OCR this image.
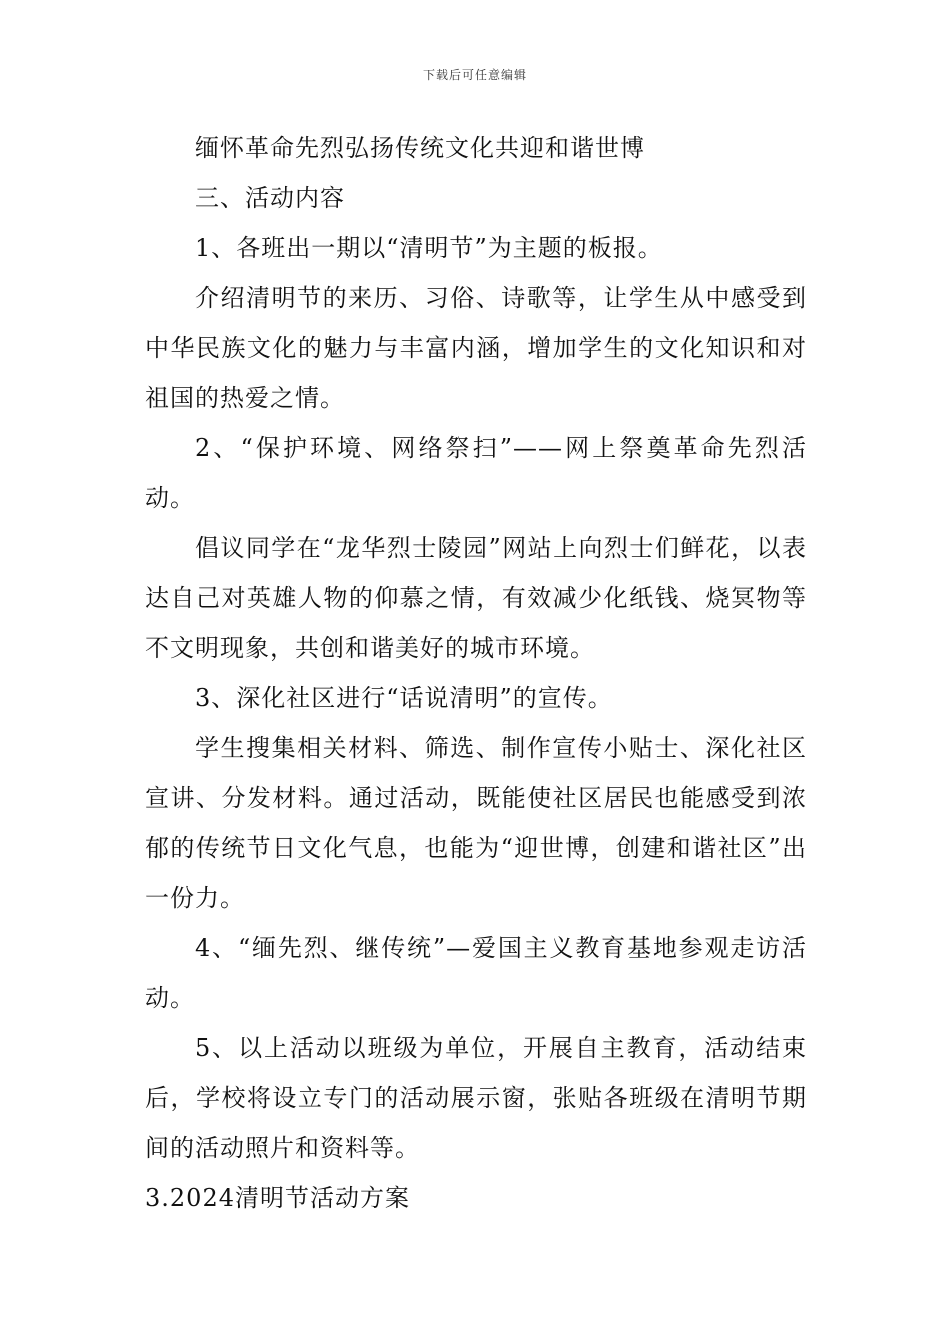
下载后可任意编辑

缅怀革命先烈弘扬传统文化共迎和谐世博

三、活动内容

1、各班出一期以“清明节”为主题的板报。

介绍清明节的来历、习俗、诗歌等，让学生从中感受到中华民族文化的魅力与丰富内涵，增加学生的文化知识和对祖国的热爱之情。

2、“保护环境、网络祭扫”——网上祭奠革命先烈活动。

倡议同学在“龙华烈士陵园”网站上向烈士们鲜花，以表达自己对英雄人物的仰慕之情，有效减少化纸钱、烧冥物等不文明现象，共创和谐美好的城市环境。

3、深化社区进行“话说清明”的宣传。

学生搜集相关材料、筛选、制作宣传小贴士、深化社区宣讲、分发材料。通过活动，既能使社区居民也能感受到浓郁的传统节日文化气息，也能为“迎世博，创建和谐社区”出一份力。

4、“缅先烈、继传统”—爱国主义教育基地参观走访活动。

5、以上活动以班级为单位，开展自主教育，活动结束后，学校将设立专门的活动展示窗，张贴各班级在清明节期间的活动照片和资料等。

3.2024清明节活动方案
